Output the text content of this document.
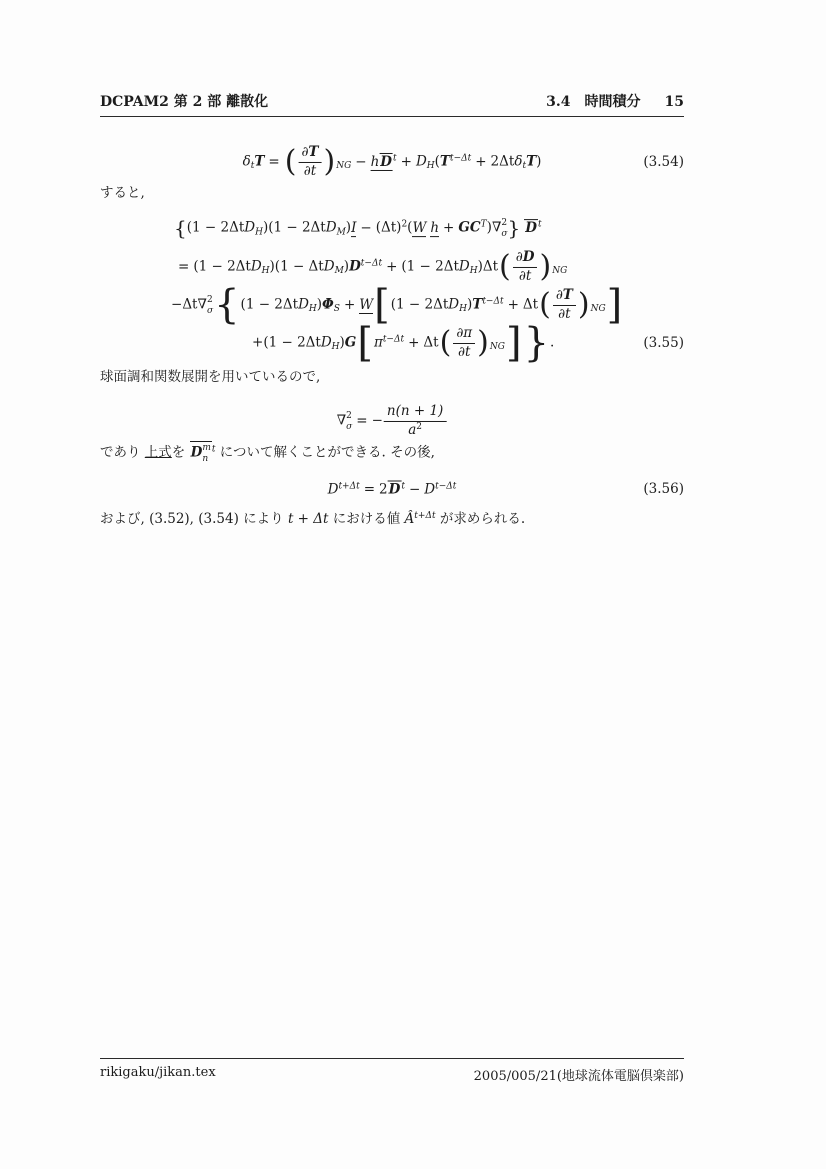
DCPAM2 第 2 部 離散化	3.4 時間積分 15
$\delta_tT$ = ( $\frac{\partial T}{\partial t} )_{NG} - hD^t + D_H(T^{t-\Delta t} + 2\Delta t\delta_tT)$	(3.54)
すると,
{$(1 - 2\Delta tD_H)(1 - 2\Delta tD_M)I - (\Delta t)^2(W$ $h + GC^T)\nabla$ 2
σ } $D^t$
= $(1 - 2\Delta tD_H)(1 - \Delta tD_M)D^{t-\Delta t} + (1 - 2\Delta tD_H)\Delta t( \frac{\partial D}{\partial t} )_{NG}$
−Δt∇ 2
σ {$(1 - 2\Delta tD_H)\Phi_S + W[(1 - 2\Delta tD_H)T^{t-\Delta t} + \Delta t( \frac{\partial T}{\partial t} )_{NG}]$
$+(1 - 2\Delta tD_H)G[\pi^{t-\Delta t} + \Delta t( \frac{\partial\pi}{\partial t} )_{NG}]$}.	(3.55)
球面調和関数展開を用いているので,
∇ 2
σ = − $\frac{n(n + 1)}{a^2}$
であり 上式を D m
n
$^t$ について解くことができる. その後,
$D^{t+\Delta t} = 2D^t - D^{t-\Delta t}$	(3.56)
および, (3.52), (3.54) により t + Δt における値 $Â^{t+\Delta t}$ が求められる.
rikigaku/jikan.tex	2005/005/21(地球流体電脳倶楽部)
